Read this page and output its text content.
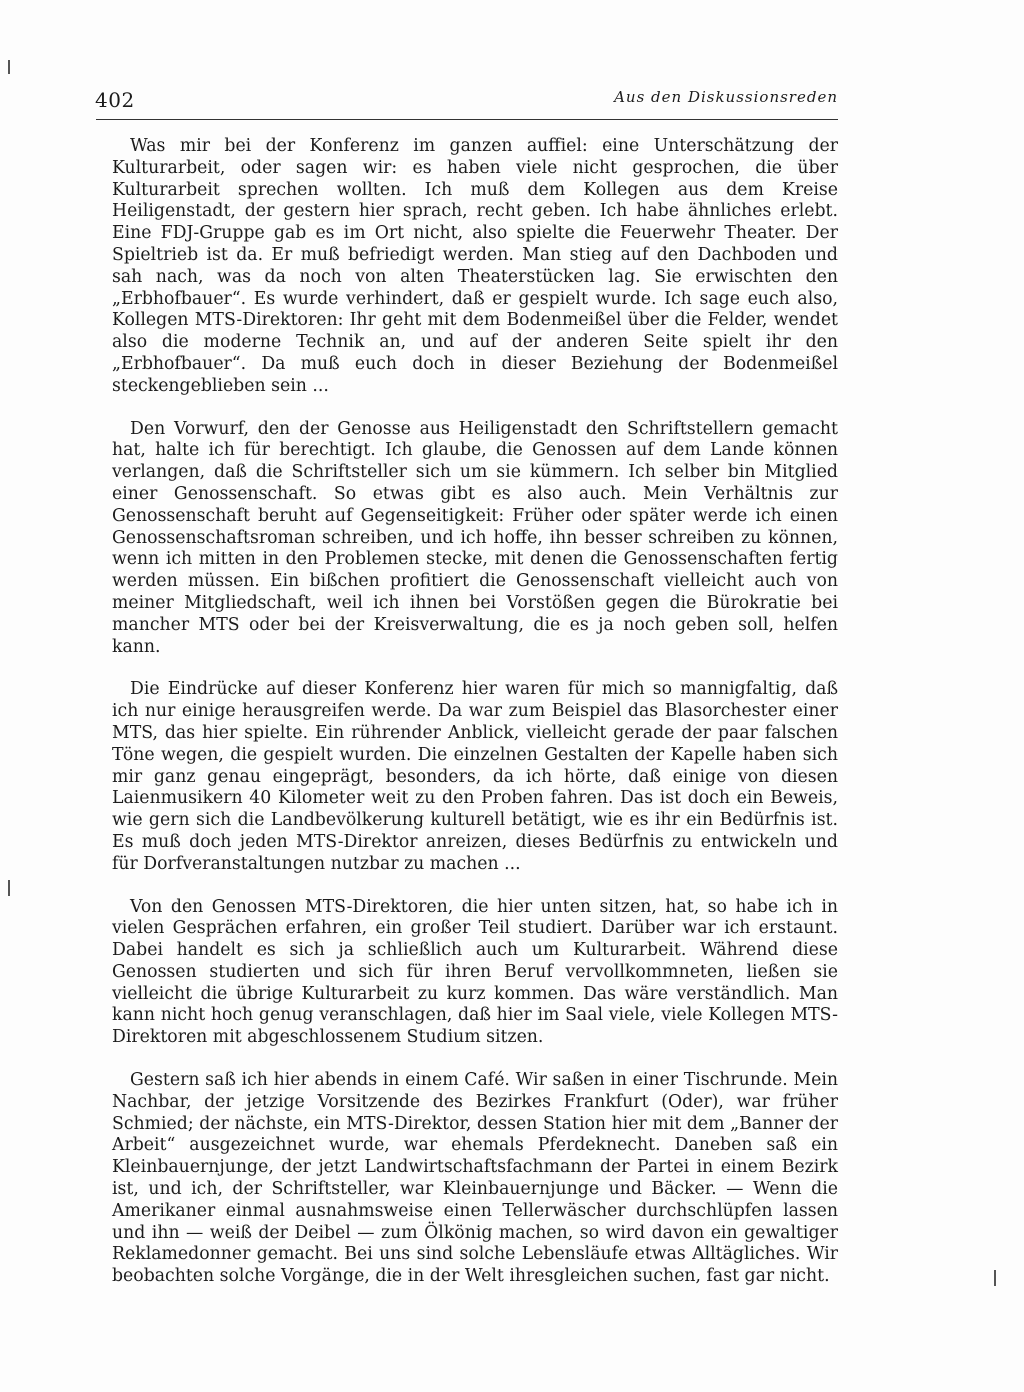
402	Aus den Diskussionsreden

Was mir bei der Konferenz im ganzen auffiel: eine Unterschätzung der Kulturarbeit, oder sagen wir: es haben viele nicht gesprochen, die über Kulturarbeit sprechen wollten. Ich muß dem Kollegen aus dem Kreise Heiligenstadt, der gestern hier sprach, recht geben. Ich habe ähnliches erlebt. Eine FDJ-Gruppe gab es im Ort nicht, also spielte die Feuerwehr Theater. Der Spieltrieb ist da. Er muß befriedigt werden. Man stieg auf den Dachboden und sah nach, was da noch von alten Theaterstücken lag. Sie erwischten den „Erbhofbauer“. Es wurde verhindert, daß er gespielt wurde. Ich sage euch also, Kollegen MTS-Direktoren: Ihr geht mit dem Bodenmeißel über die Felder, wendet also die moderne Technik an, und auf der anderen Seite spielt ihr den „Erbhofbauer“. Da muß euch doch in dieser Beziehung der Bodenmeißel steckengeblieben sein ...

Den Vorwurf, den der Genosse aus Heiligenstadt den Schriftstellern gemacht hat, halte ich für berechtigt. Ich glaube, die Genossen auf dem Lande können verlangen, daß die Schriftsteller sich um sie kümmern. Ich selber bin Mitglied einer Genossenschaft. So etwas gibt es also auch. Mein Verhältnis zur Genossenschaft beruht auf Gegenseitigkeit: Früher oder später werde ich einen Genossenschaftsroman schreiben, und ich hoffe, ihn besser schreiben zu können, wenn ich mitten in den Problemen stecke, mit denen die Genossenschaften fertig werden müssen. Ein bißchen profitiert die Genossenschaft vielleicht auch von meiner Mitgliedschaft, weil ich ihnen bei Vorstößen gegen die Bürokratie bei mancher MTS oder bei der Kreisverwaltung, die es ja noch geben soll, helfen kann.

Die Eindrücke auf dieser Konferenz hier waren für mich so mannigfaltig, daß ich nur einige herausgreifen werde. Da war zum Beispiel das Blasorchester einer MTS, das hier spielte. Ein rührender Anblick, vielleicht gerade der paar falschen Töne wegen, die gespielt wurden. Die einzelnen Gestalten der Kapelle haben sich mir ganz genau eingeprägt, besonders, da ich hörte, daß einige von diesen Laienmusikern 40 Kilometer weit zu den Proben fahren. Das ist doch ein Beweis, wie gern sich die Landbevölkerung kulturell betätigt, wie es ihr ein Bedürfnis ist. Es muß doch jeden MTS-Direktor anreizen, dieses Bedürfnis zu entwickeln und für Dorfveranstaltungen nutzbar zu machen ...

Von den Genossen MTS-Direktoren, die hier unten sitzen, hat, so habe ich in vielen Gesprächen erfahren, ein großer Teil studiert. Darüber war ich erstaunt. Dabei handelt es sich ja schließlich auch um Kulturarbeit. Während diese Genossen studierten und sich für ihren Beruf vervollkommneten, ließen sie vielleicht die übrige Kulturarbeit zu kurz kommen. Das wäre verständlich. Man kann nicht hoch genug veranschlagen, daß hier im Saal viele, viele Kollegen MTS-Direktoren mit abgeschlossenem Studium sitzen.

Gestern saß ich hier abends in einem Café. Wir saßen in einer Tischrunde. Mein Nachbar, der jetzige Vorsitzende des Bezirkes Frankfurt (Oder), war früher Schmied; der nächste, ein MTS-Direktor, dessen Station hier mit dem „Banner der Arbeit“ ausgezeichnet wurde, war ehemals Pferdeknecht. Daneben saß ein Kleinbauernjunge, der jetzt Landwirtschaftsfachmann der Partei in einem Bezirk ist, und ich, der Schriftsteller, war Kleinbauernjunge und Bäcker. — Wenn die Amerikaner einmal ausnahmsweise einen Tellerwäscher durchschlüpfen lassen und ihn — weiß der Deibel — zum Ölkönig machen, so wird davon ein gewaltiger Reklamedonner gemacht. Bei uns sind solche Lebensläufe etwas Alltägliches. Wir beobachten solche Vorgänge, die in der Welt ihresgleichen suchen, fast gar nicht.
